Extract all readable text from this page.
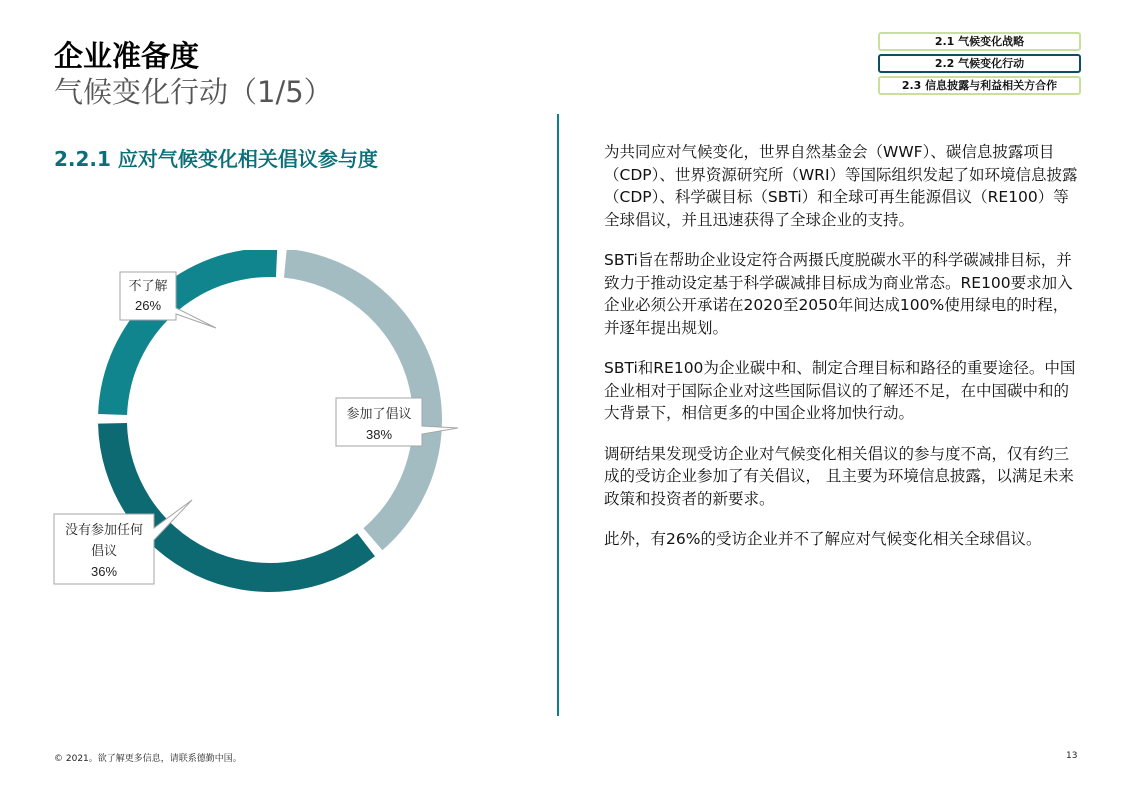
企业准备度
气候变化行动（1/5）
2.1 气候变化战略
2.2 气候变化行动
2.3 信息披露与利益相关方合作
2.2.1 应对气候变化相关倡议参与度
不了解
26%
参加了倡议
38%
没有参加任何
倡议
36%

为共同应对气候变化，世界自然基金会（WWF）、碳信息披露项目（CDP）、世界资源研究所（WRI）等国际组织发起了如环境信息披露（CDP）、科学碳目标（SBTi）和全球可再生能源倡议（RE100）等全球倡议，并且迅速获得了全球企业的支持。

SBTi旨在帮助企业设定符合两摄氏度脱碳水平的科学碳减排目标，并致力于推动设定基于科学碳减排目标成为商业常态。RE100要求加入企业必须公开承诺在2020至2050年间达成100%使用绿电的时程，并逐年提出规划。

SBTi和RE100为企业碳中和、制定合理目标和路径的重要途径。中国企业相对于国际企业对这些国际倡议的了解还不足，在中国碳中和的大背景下，相信更多的中国企业将加快行动。

调研结果发现受访企业对气候变化相关倡议的参与度不高，仅有约三成的受访企业参加了有关倡议， 且主要为环境信息披露，以满足未来政策和投资者的新要求。

此外，有26%的受访企业并不了解应对气候变化相关全球倡议。

© 2021。欲了解更多信息，请联系德勤中国。	13
